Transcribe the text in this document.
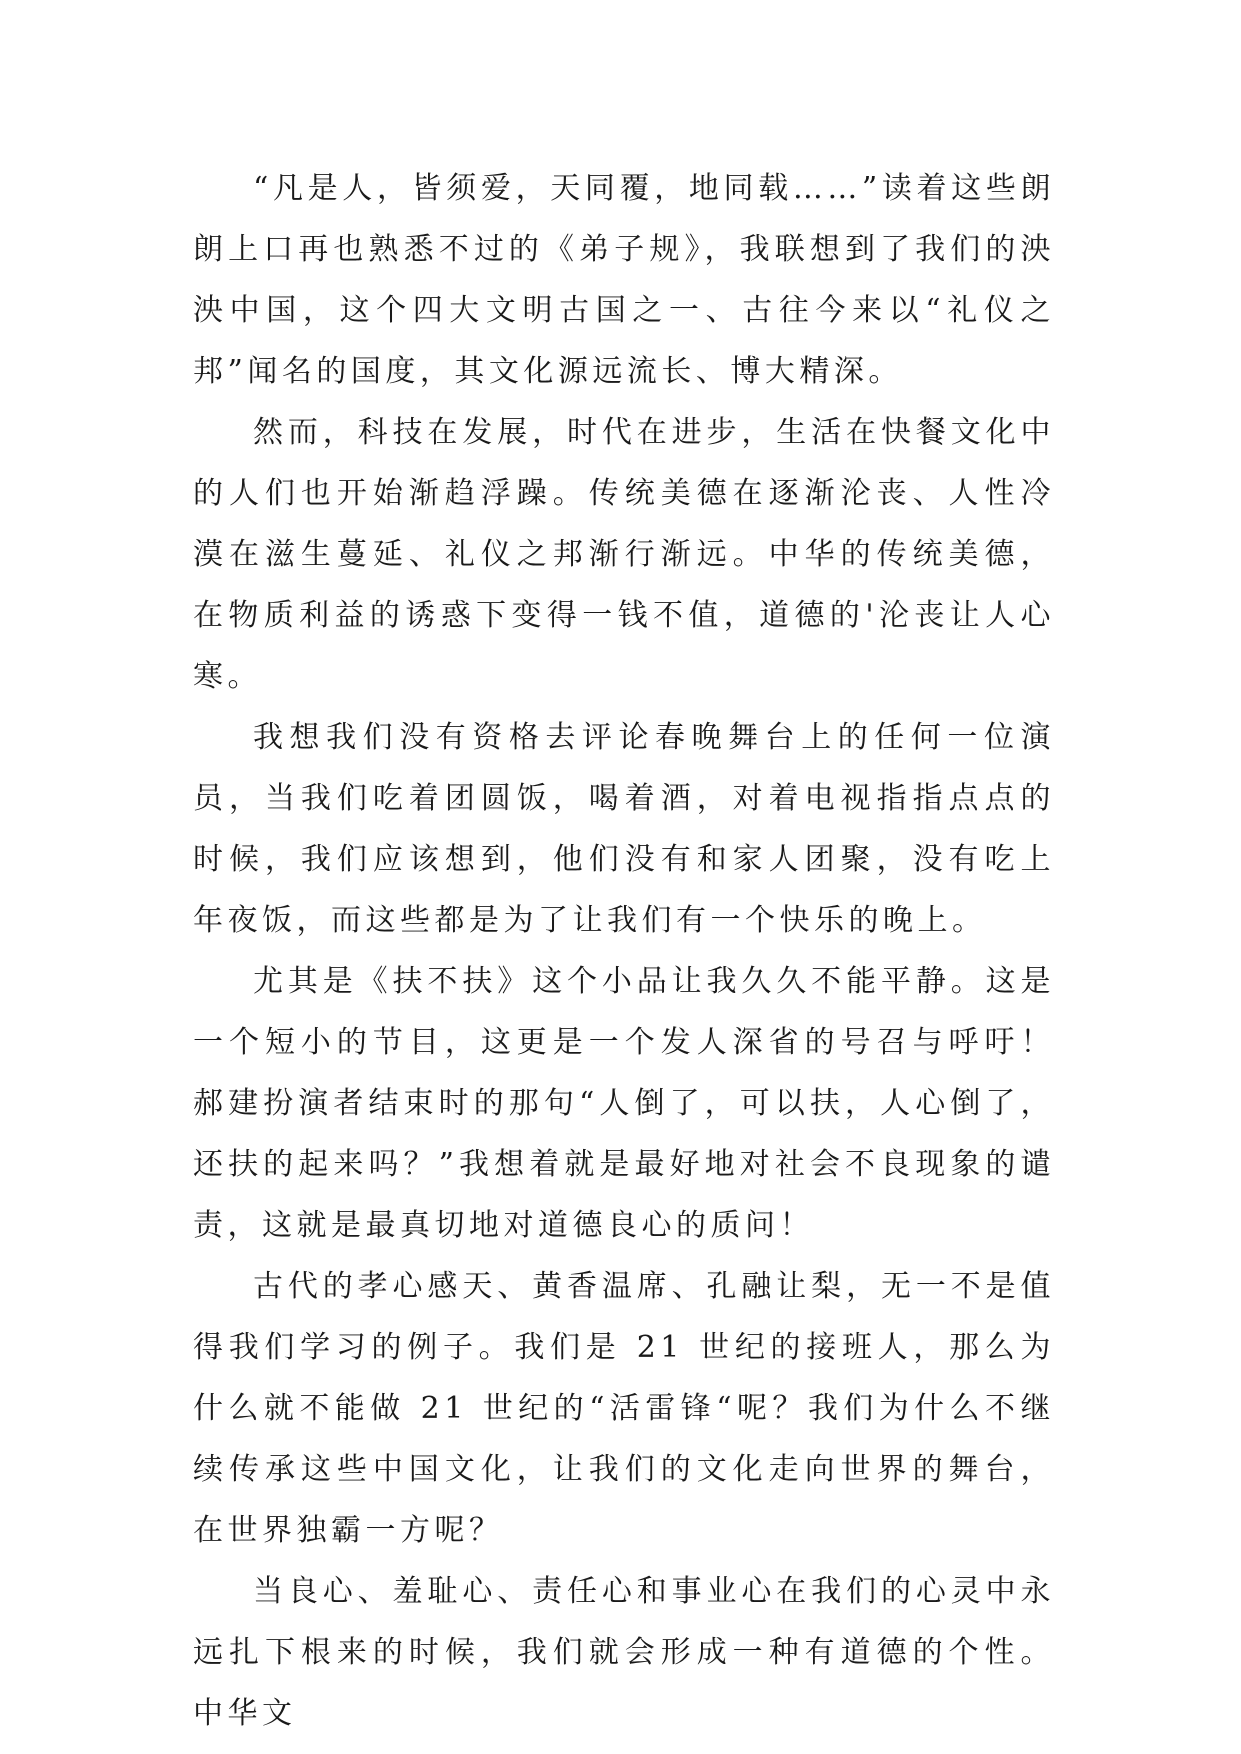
“凡是人，皆须爱，天同覆，地同载……”读着这些朗朗上口再也熟悉不过的《弟子规》，我联想到了我们的泱泱中国，这个四大文明古国之一、古往今来以“礼仪之邦”闻名的国度，其文化源远流长、博大精深。

然而，科技在发展，时代在进步，生活在快餐文化中的人们也开始渐趋浮躁。传统美德在逐渐沦丧、人性冷漠在滋生蔓延、礼仪之邦渐行渐远。中华的传统美德，在物质利益的诱惑下变得一钱不值，道德的'沦丧让人心寒。

我想我们没有资格去评论春晚舞台上的任何一位演员，当我们吃着团圆饭，喝着酒，对着电视指指点点的时候，我们应该想到，他们没有和家人团聚，没有吃上年夜饭，而这些都是为了让我们有一个快乐的晚上。

尤其是《扶不扶》这个小品让我久久不能平静。这是一个短小的节目，这更是一个发人深省的号召与呼吁！郝建扮演者结束时的那句“人倒了，可以扶，人心倒了，还扶的起来吗？”我想着就是最好地对社会不良现象的谴责，这就是最真切地对道德良心的质问！

古代的孝心感天、黄香温席、孔融让梨，无一不是值得我们学习的例子。我们是 21 世纪的接班人，那么为什么就不能做 21 世纪的“活雷锋“呢？我们为什么不继续传承这些中国文化，让我们的文化走向世界的舞台，在世界独霸一方呢？

当良心、羞耻心、责任心和事业心在我们的心灵中永远扎下根来的时候，我们就会形成一种有道德的个性。中华文
